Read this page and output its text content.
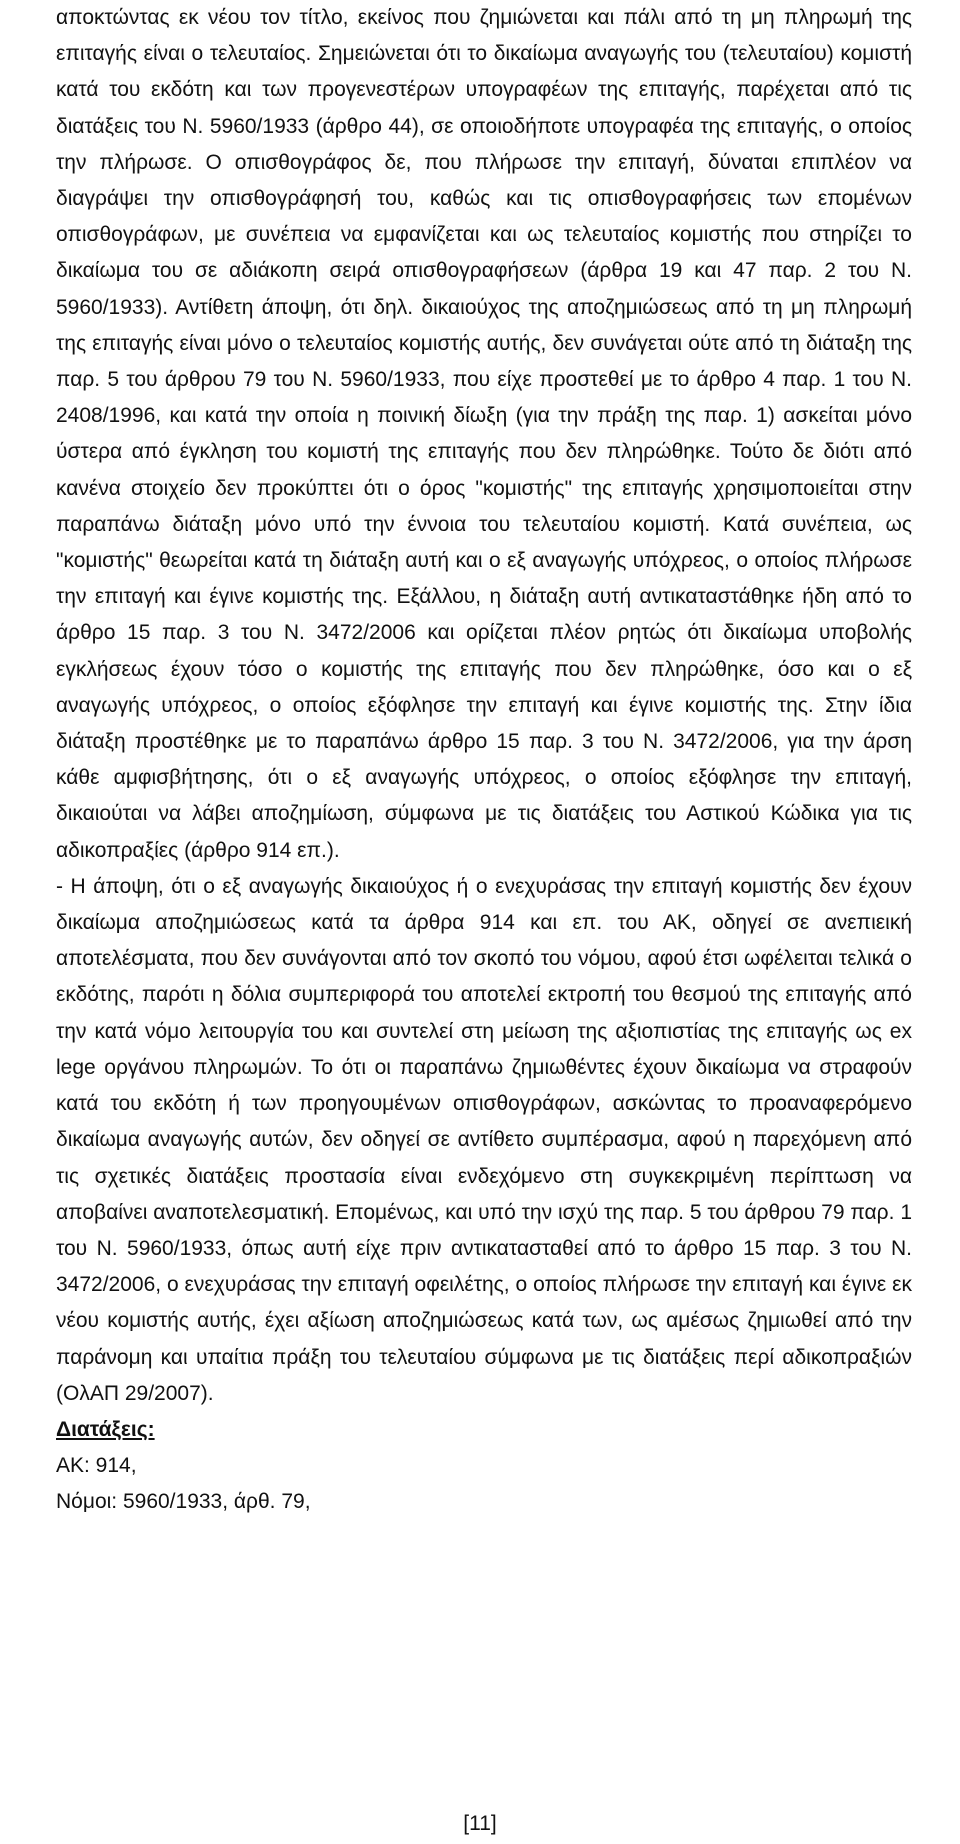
αποκτώντας εκ νέου τον τίτλο, εκείνος που ζημιώνεται και πάλι από τη μη πληρωμή της επιταγής είναι ο τελευταίος. Σημειώνεται ότι το δικαίωμα αναγωγής του (τελευταίου) κομιστή κατά του εκδότη και των προγενεστέρων υπογραφέων της επιταγής, παρέχεται από τις διατάξεις του Ν. 5960/1933 (άρθρο 44), σε οποιοδήποτε υπογραφέα της επιταγής, ο οποίος την πλήρωσε. Ο οπισθογράφος δε, που πλήρωσε την επιταγή, δύναται επιπλέον να διαγράψει την οπισθογράφησή του, καθώς και τις οπισθογραφήσεις των επομένων οπισθογράφων, με συνέπεια να εμφανίζεται και ως τελευταίος κομιστής που στηρίζει το δικαίωμα του σε αδιάκοπη σειρά οπισθογραφήσεων (άρθρα 19 και 47 παρ. 2 του Ν. 5960/1933). Αντίθετη άποψη, ότι δηλ. δικαιούχος της αποζημιώσεως από τη μη πληρωμή της επιταγής είναι μόνο ο τελευταίος κομιστής αυτής, δεν συνάγεται ούτε από τη διάταξη της παρ. 5 του άρθρου 79 του Ν. 5960/1933, που είχε προστεθεί με το άρθρο 4 παρ. 1 του Ν. 2408/1996, και κατά την οποία η ποινική δίωξη (για την πράξη της παρ. 1) ασκείται μόνο ύστερα από έγκληση του κομιστή της επιταγής που δεν πληρώθηκε. Τούτο δε διότι από κανένα στοιχείο δεν προκύπτει ότι ο όρος "κομιστής" της επιταγής χρησιμοποιείται στην παραπάνω διάταξη μόνο υπό την έννοια του τελευταίου κομιστή. Κατά συνέπεια, ως "κομιστής" θεωρείται κατά τη διάταξη αυτή και ο εξ αναγωγής υπόχρεος, ο οποίος πλήρωσε την επιταγή και έγινε κομιστής της. Εξάλλου, η διάταξη αυτή αντικαταστάθηκε ήδη από το άρθρο 15 παρ. 3 του Ν. 3472/2006 και ορίζεται πλέον ρητώς ότι δικαίωμα υποβολής εγκλήσεως έχουν τόσο ο κομιστής της επιταγής που δεν πληρώθηκε, όσο και ο εξ αναγωγής υπόχρεος, ο οποίος εξόφλησε την επιταγή και έγινε κομιστής της. Στην ίδια διάταξη προστέθηκε με το παραπάνω άρθρο 15 παρ. 3 του Ν. 3472/2006, για την άρση κάθε αμφισβήτησης, ότι ο εξ αναγωγής υπόχρεος, ο οποίος εξόφλησε την επιταγή, δικαιούται να λάβει αποζημίωση, σύμφωνα με τις διατάξεις του Αστικού Κώδικα για τις αδικοπραξίες (άρθρο 914 επ.).

- Η άποψη, ότι ο εξ αναγωγής δικαιούχος ή ο ενεχυράσας την επιταγή κομιστής δεν έχουν δικαίωμα αποζημιώσεως κατά τα άρθρα 914 και επ. του ΑΚ, οδηγεί σε ανεπιεική αποτελέσματα, που δεν συνάγονται από τον σκοπό του νόμου, αφού έτσι ωφέλειται τελικά ο εκδότης, παρότι η δόλια συμπεριφορά του αποτελεί εκτροπή του θεσμού της επιταγής από την κατά νόμο λειτουργία του και συντελεί στη μείωση της αξιοπιστίας της επιταγής ως ex lege οργάνου πληρωμών. Το ότι οι παραπάνω ζημιωθέντες έχουν δικαίωμα να στραφούν κατά του εκδότη ή των προηγουμένων οπισθογράφων, ασκώντας το προαναφερόμενο δικαίωμα αναγωγής αυτών, δεν οδηγεί σε αντίθετο συμπέρασμα, αφού η παρεχόμενη από τις σχετικές διατάξεις προστασία είναι ενδεχόμενο στη συγκεκριμένη περίπτωση να αποβαίνει αναποτελεσματική. Επομένως, και υπό την ισχύ της παρ. 5 του άρθρου 79 παρ. 1 του Ν. 5960/1933, όπως αυτή είχε πριν αντικατασταθεί από το άρθρο 15 παρ. 3 του Ν. 3472/2006, ο ενεχυράσας την επιταγή οφειλέτης, ο οποίος πλήρωσε την επιταγή και έγινε εκ νέου κομιστής αυτής, έχει αξίωση αποζημιώσεως κατά των, ως αμέσως ζημιωθεί από την παράνομη και υπαίτια πράξη του τελευταίου σύμφωνα με τις διατάξεις περί αδικοπραξιών (ΟλΑΠ 29/2007).

Διατάξεις:

ΑΚ: 914,

Νόμοι: 5960/1933, άρθ. 79,

[11]
